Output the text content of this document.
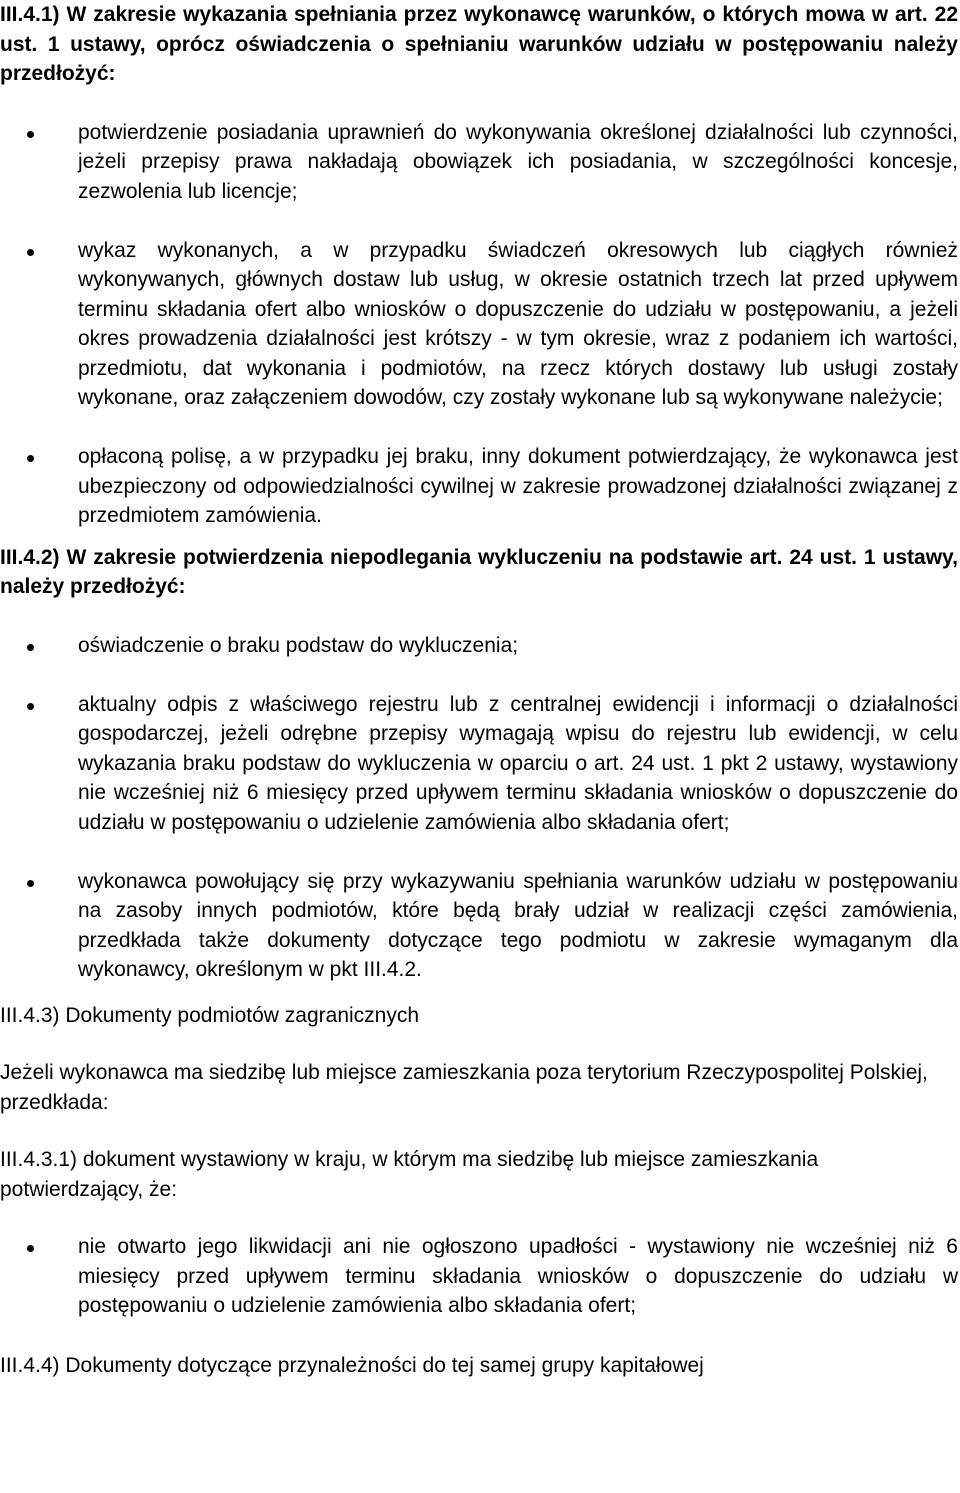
III.4.1) W zakresie wykazania spełniania przez wykonawcę warunków, o których mowa w art. 22 ust. 1 ustawy, oprócz oświadczenia o spełnianiu warunków udziału w postępowaniu należy przedłożyć:

potwierdzenie posiadania uprawnień do wykonywania określonej działalności lub czynności, jeżeli przepisy prawa nakładają obowiązek ich posiadania, w szczególności koncesje, zezwolenia lub licencje;
wykaz wykonanych, a w przypadku świadczeń okresowych lub ciągłych również wykonywanych, głównych dostaw lub usług, w okresie ostatnich trzech lat przed upływem terminu składania ofert albo wniosków o dopuszczenie do udziału w postępowaniu, a jeżeli okres prowadzenia działalności jest krótszy - w tym okresie, wraz z podaniem ich wartości, przedmiotu, dat wykonania i podmiotów, na rzecz których dostawy lub usługi zostały wykonane, oraz załączeniem dowodów, czy zostały wykonane lub są wykonywane należycie;
opłaconą polisę, a w przypadku jej braku, inny dokument potwierdzający, że wykonawca jest ubezpieczony od odpowiedzialności cywilnej w zakresie prowadzonej działalności związanej z przedmiotem zamówienia.

III.4.2) W zakresie potwierdzenia niepodlegania wykluczeniu na podstawie art. 24 ust. 1 ustawy, należy przedłożyć:

oświadczenie o braku podstaw do wykluczenia;
aktualny odpis z właściwego rejestru lub z centralnej ewidencji i informacji o działalności gospodarczej, jeżeli odrębne przepisy wymagają wpisu do rejestru lub ewidencji, w celu wykazania braku podstaw do wykluczenia w oparciu o art. 24 ust. 1 pkt 2 ustawy, wystawiony nie wcześniej niż 6 miesięcy przed upływem terminu składania wniosków o dopuszczenie do udziału w postępowaniu o udzielenie zamówienia albo składania ofert;
wykonawca powołujący się przy wykazywaniu spełniania warunków udziału w postępowaniu na zasoby innych podmiotów, które będą brały udział w realizacji części zamówienia, przedkłada także dokumenty dotyczące tego podmiotu w zakresie wymaganym dla wykonawcy, określonym w pkt III.4.2.

III.4.3) Dokumenty podmiotów zagranicznych

Jeżeli wykonawca ma siedzibę lub miejsce zamieszkania poza terytorium Rzeczypospolitej Polskiej, przedkłada:

III.4.3.1) dokument wystawiony w kraju, w którym ma siedzibę lub miejsce zamieszkania potwierdzający, że:

nie otwarto jego likwidacji ani nie ogłoszono upadłości - wystawiony nie wcześniej niż 6 miesięcy przed upływem terminu składania wniosków o dopuszczenie do udziału w postępowaniu o udzielenie zamówienia albo składania ofert;

III.4.4) Dokumenty dotyczące przynależności do tej samej grupy kapitałowej
